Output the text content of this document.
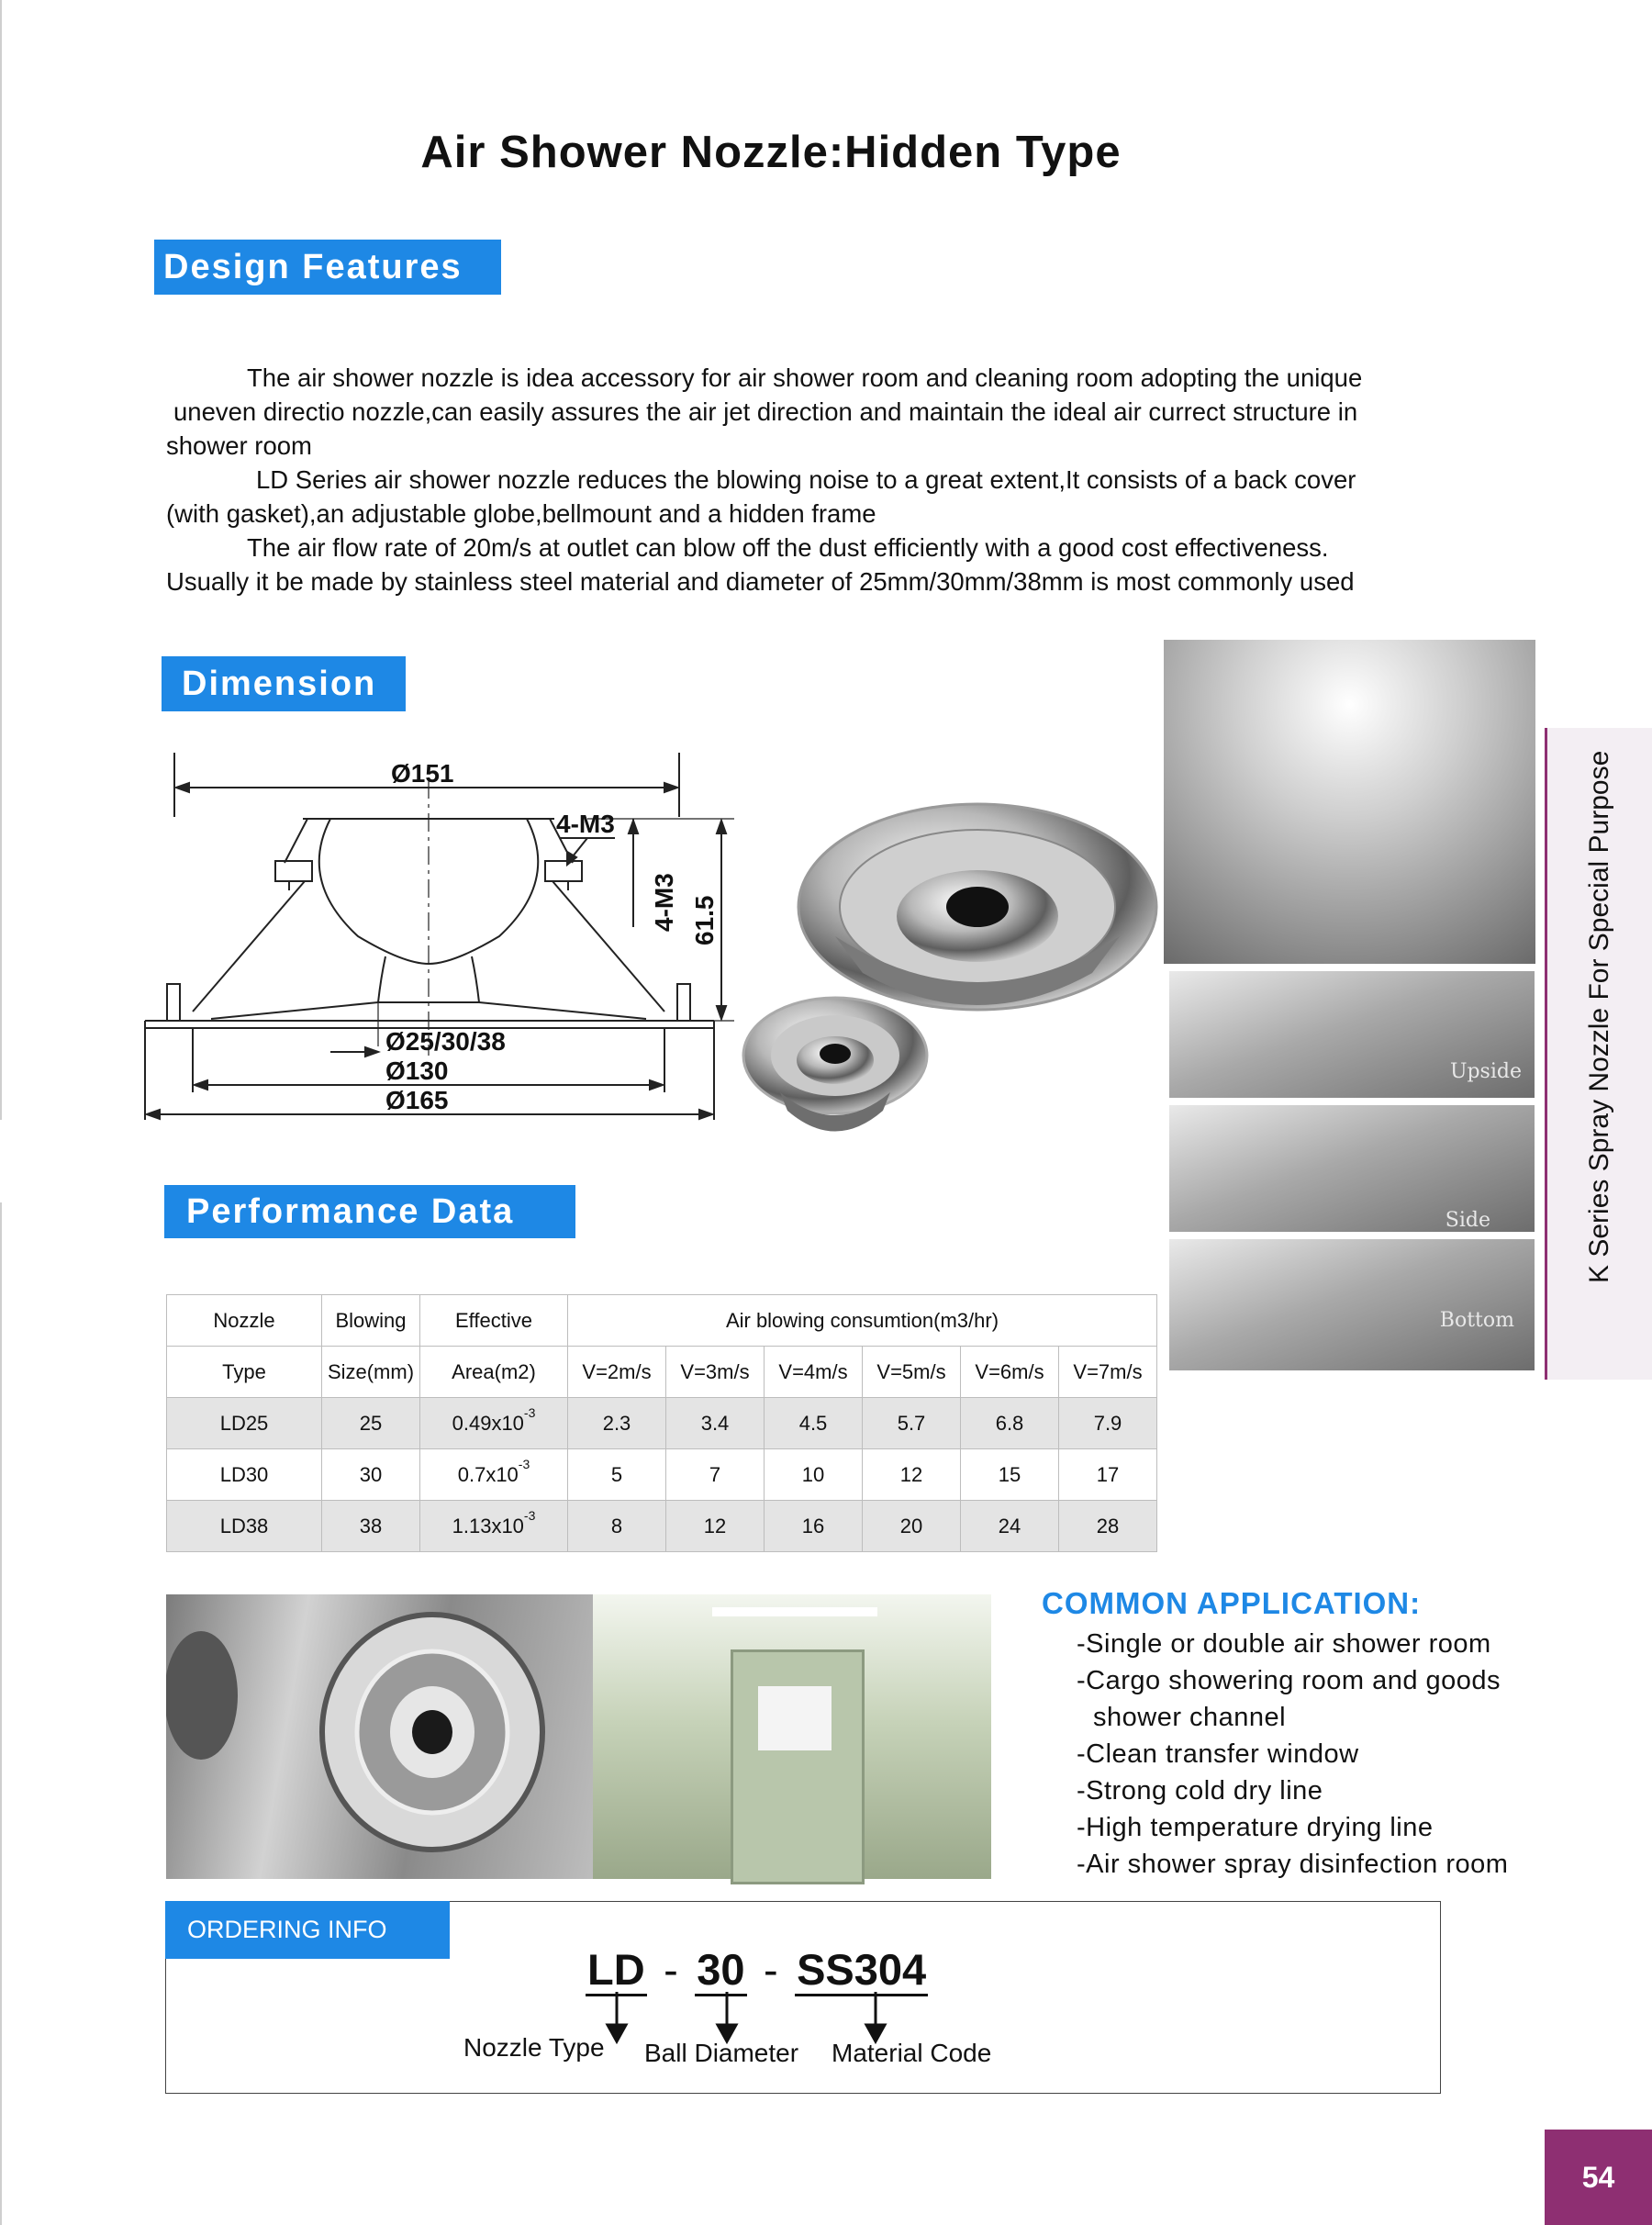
Air Shower Nozzle:Hidden Type
Design Features
The air shower nozzle is idea accessory for air shower room and cleaning room adopting the unique
uneven directio nozzle,can easily assures the air jet direction and maintain the ideal air currect structure in
shower room
LD Series air shower nozzle reduces the blowing noise to a great extent,It consists of a back cover
(with gasket),an adjustable globe,bellmount and a hidden frame
The air flow rate of 20m/s at outlet can blow off the dust efficiently with a good cost effectiveness.
Usually it be made by stainless steel material and diameter of 25mm/30mm/38mm is most commonly used
Dimension
Ø151
4-M3
4-M3 61.5
Ø25/30/38
Ø130
Ø165
Upside
Side
Bottom
K Series Spray Nozzle For Special Purpose
Performance Data
Nozzle	Blowing	Effective	Air blowing consumtion(m3/hr)					
Type	Size(mm)	Area(m2)	V=2m/s	V=3m/s	V=4m/s	V=5m/s	V=6m/s	V=7m/s
LD25	25	$0.49x10^{-3}$	2.3	3.4	4.5	5.7	6.8	7.9
LD30	30	$0.7x10^{-3}$	5	7	10	12	15	17
LD38	38	$1.13x10^{-3}$	8	12	16	20	24	28
COMMON APPLICATION:
-Single or double air shower room
-Cargo showering room and goods
shower channel
-Clean transfer window
-Strong cold dry line
-High temperature drying line
-Air shower spray disinfection room
ORDERING INFO
LD - 30 - SS304
Nozzle Type Ball Diameter Material Code
54
